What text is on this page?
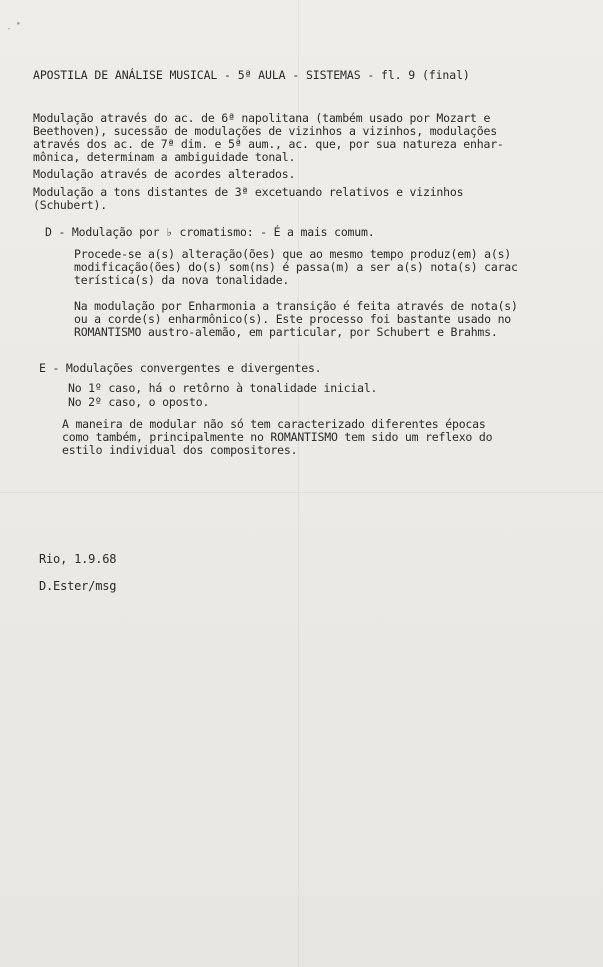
· ∙
APOSTILA DE ANÁLISE MUSICAL - 5ª AULA - SISTEMAS - fl. 9 (final)
Modulação através do ac. de 6ª napolitana (também usado por Mozart e
Beethoven), sucessão de modulações de vizinhos a vizinhos, modulações
através dos ac. de 7ª dim. e 5ª aum., ac. que, por sua natureza enhar-
mônica, determinam a ambiguidade tonal.
Modulação através de acordes alterados.
Modulação a tons distantes de 3ª excetuando relativos e vizinhos
(Schubert).
D - Modulação por ♭ cromatismo: - É a mais comum.
Procede-se a(s) alteração(ões) que ao mesmo tempo produz(em) a(s)
modificação(ões) do(s) som(ns) é passa(m) a ser a(s) nota(s) carac
terística(s) da nova tonalidade.
Na modulação por Enharmonia a transição é feita através de nota(s)
ou a corde(s) enharmônico(s). Este processo foi bastante usado no
ROMANTISMO austro-alemão, em particular, por Schubert e Brahms.
E - Modulações convergentes e divergentes.
No 1º caso, há o retôrno à tonalidade inicial.
No 2º caso, o oposto.
A maneira de modular não só tem caracterizado diferentes épocas
como também, principalmente no ROMANTISMO tem sido um reflexo do
estilo individual dos compositores.
Rio, 1.9.68
D.Ester/msg
